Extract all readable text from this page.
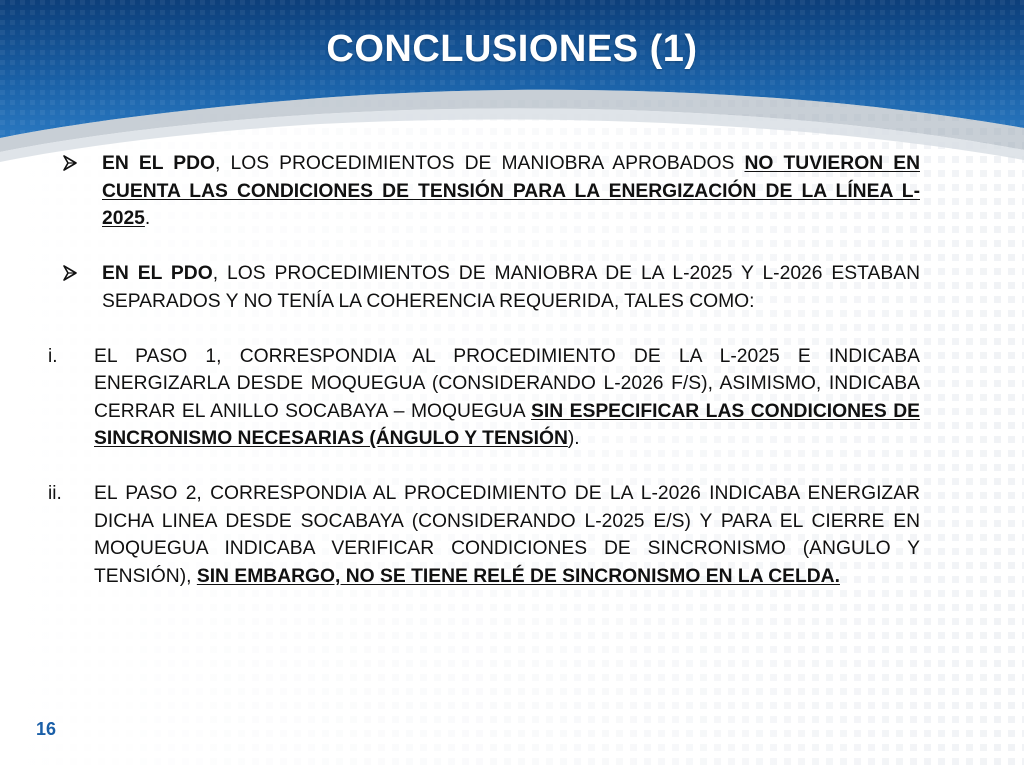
CONCLUSIONES (1)
EN EL PDO, LOS PROCEDIMIENTOS DE MANIOBRA APROBADOS NO TUVIERON EN CUENTA LAS CONDICIONES DE TENSIÓN PARA LA ENERGIZACIÓN DE LA LÍNEA L-2025.
EN EL PDO, LOS PROCEDIMIENTOS DE MANIOBRA DE LA L-2025 Y L-2026 ESTABAN SEPARADOS Y NO TENÍA LA COHERENCIA REQUERIDA, TALES COMO:
i.	EL PASO 1, CORRESPONDIA AL PROCEDIMIENTO DE LA L-2025 E INDICABA ENERGIZARLA DESDE MOQUEGUA (CONSIDERANDO L-2026 F/S), ASIMISMO, INDICABA CERRAR EL ANILLO SOCABAYA – MOQUEGUA SIN ESPECIFICAR LAS CONDICIONES DE SINCRONISMO NECESARIAS (ÁNGULO Y TENSIÓN).
ii.	EL PASO 2, CORRESPONDIA AL PROCEDIMIENTO DE LA L-2026 INDICABA ENERGIZAR DICHA LINEA DESDE SOCABAYA (CONSIDERANDO L-2025 E/S) Y PARA EL CIERRE EN MOQUEGUA INDICABA VERIFICAR CONDICIONES DE SINCRONISMO (ANGULO Y TENSIÓN), SIN EMBARGO, NO SE TIENE RELÉ DE SINCRONISMO EN LA CELDA.
16
